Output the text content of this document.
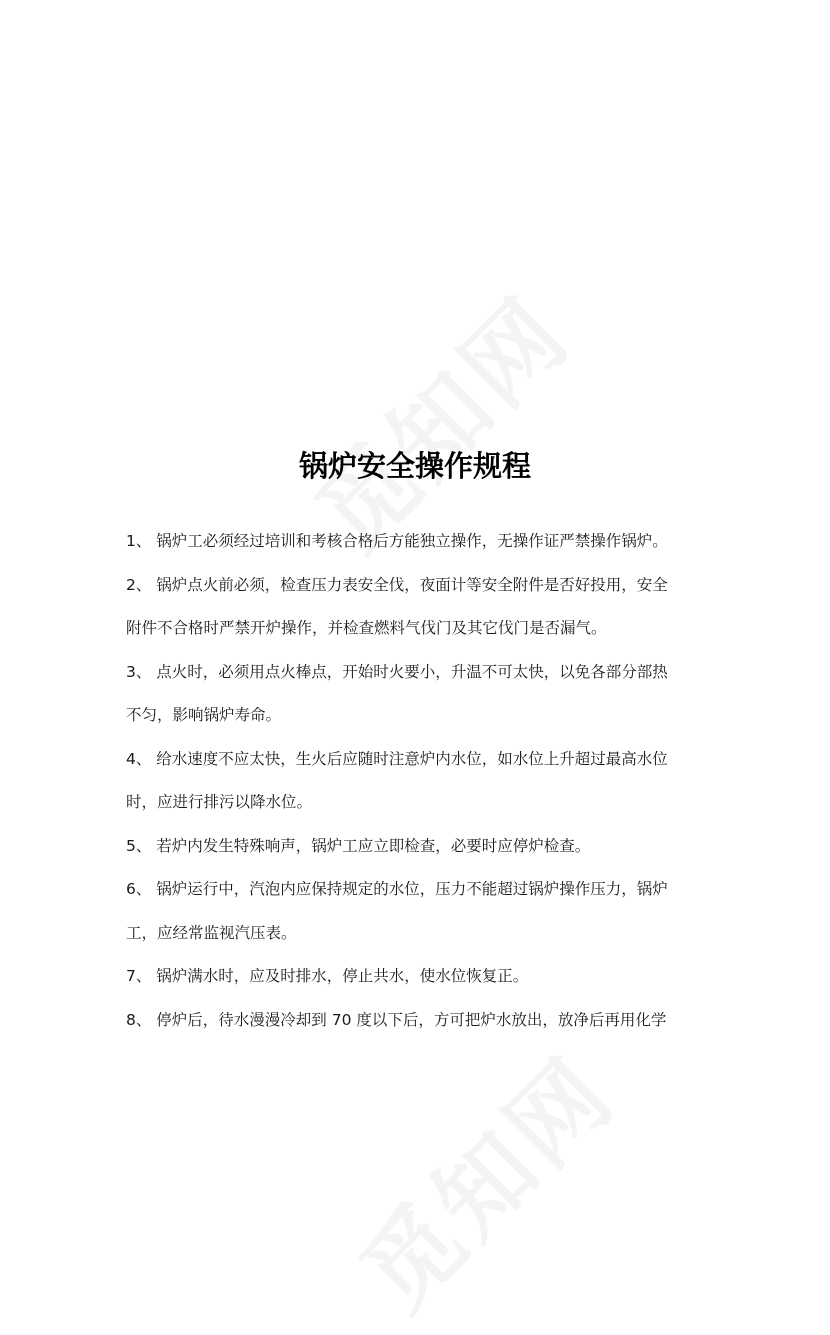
锅炉安全操作规程
1、 锅炉工必须经过培训和考核合格后方能独立操作，无操作证严禁操作锅炉。
2、 锅炉点火前必须，检查压力表安全伐，夜面计等安全附件是否好投用，安全
附件不合格时严禁开炉操作，并检查燃料气伐门及其它伐门是否漏气。
3、 点火时，必须用点火棒点，开始时火要小，升温不可太快，以免各部分部热
不匀，影响锅炉寿命。
4、 给水速度不应太快，生火后应随时注意炉内水位，如水位上升超过最高水位
时，应进行排污以降水位。
5、 若炉内发生特殊响声，锅炉工应立即检查，必要时应停炉检查。
6、 锅炉运行中，汽泡内应保持规定的水位，压力不能超过锅炉操作压力，锅炉
工，应经常监视汽压表。
7、 锅炉满水时，应及时排水，停止共水，使水位恢复正。
8、 停炉后，待水漫漫冷却到 70 度以下后，方可把炉水放出，放净后再用化学
